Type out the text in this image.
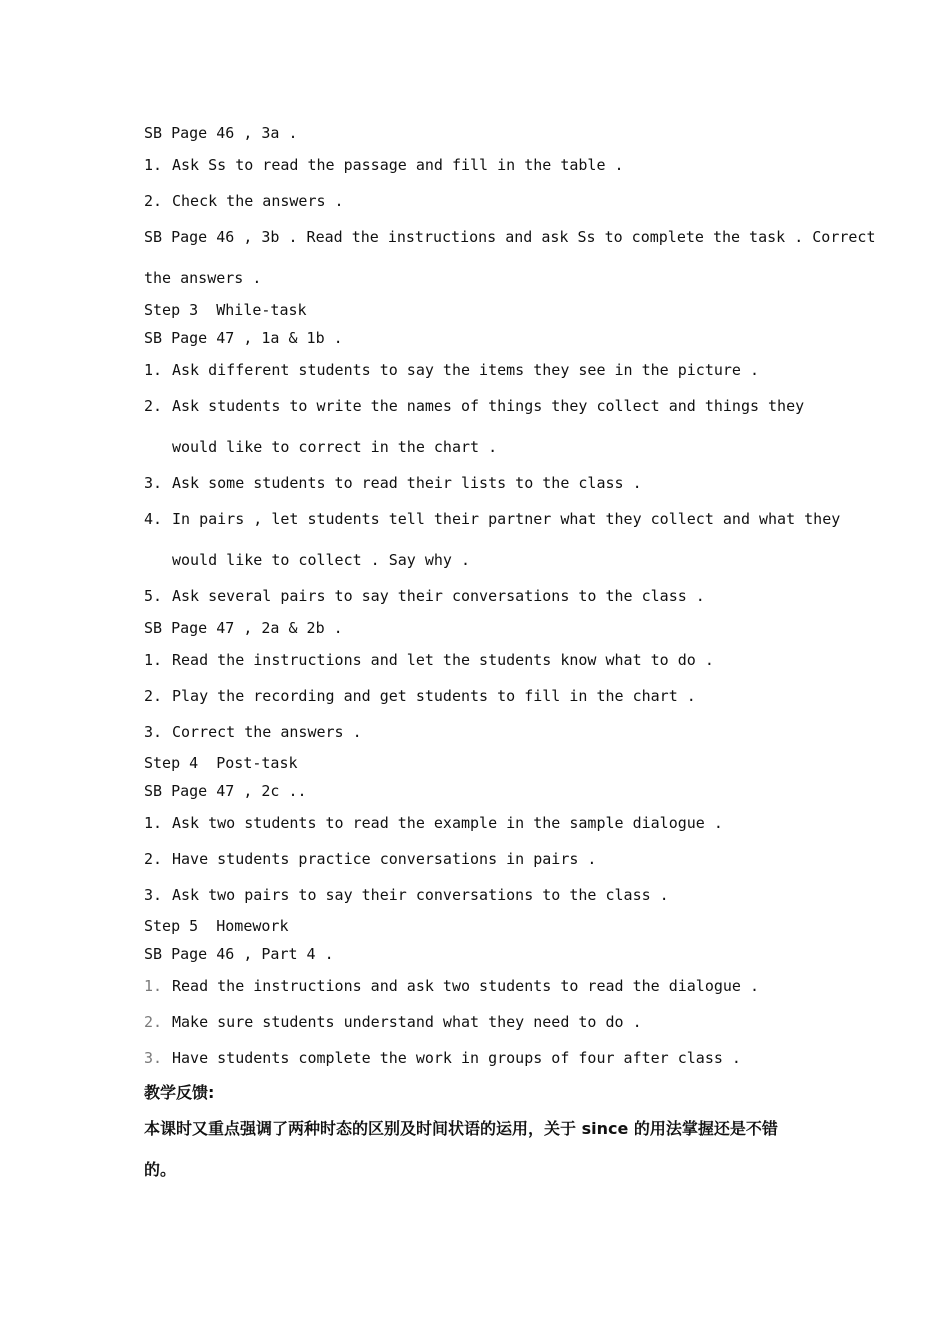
SB Page 46 , 3a .
1. Ask Ss to read the passage and fill in the table .
2. Check the answers .
SB Page 46 , 3b . Read the instructions and ask Ss to complete the task . Correct
the answers .
Step 3  While-task
SB Page 47 , 1a & 1b .
1. Ask different students to say the items they see in the picture .
2. Ask students to write the names of things they collect and things they
would like to correct in the chart .
3. Ask some students to read their lists to the class .
4. In pairs , let students tell their partner what they collect and what they
would like to collect . Say why .
5. Ask several pairs to say their conversations to the class .
SB Page 47 , 2a & 2b .
1. Read the instructions and let the students know what to do .
2. Play the recording and get students to fill in the chart .
3. Correct the answers .
Step 4  Post-task
SB Page 47 , 2c ..
1. Ask two students to read the example in the sample dialogue .
2. Have students practice conversations in pairs .
3. Ask two pairs to say their conversations to the class .
Step 5  Homework
SB Page 46 , Part 4 .
1. Read the instructions and ask two students to read the dialogue .
2. Make sure students understand what they need to do .
3. Have students complete the work in groups of four after class .
教学反馈:
本课时又重点强调了两种时态的区别及时间状语的运用，关于 since 的用法掌握还是不错
的。
